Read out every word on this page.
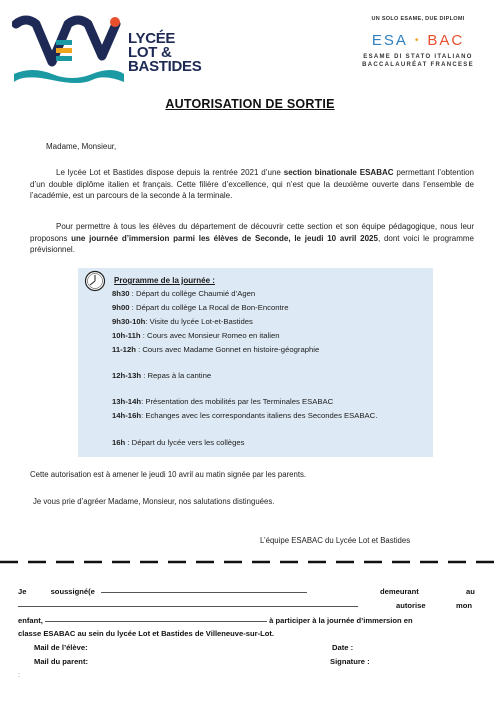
LYCÉE
LOT &
BASTIDES
UN SOLO ESAME, DUE DIPLOMI
ESA • BAC
ESAME DI STATO ITALIANO
BACCALAURÉAT FRANCESE
AUTORISATION DE SORTIE
Madame, Monsieur,
Le lycée Lot et Bastides dispose depuis la rentrée 2021 d’une section binationale ESABAC permettant l’obtention d’un double diplôme italien et français. Cette filière d’excellence, qui n’est que la deuxième ouverte dans l’ensemble de l’académie, est un parcours de la seconde à la terminale.
Pour permettre à tous les élèves du département de découvrir cette section et son équipe pédagogique, nous leur proposons une journée d’immersion parmi les élèves de Seconde, le jeudi 10 avril 2025, dont voici le programme prévisionnel.
Programme de la journée :
8h30 : Départ du collège Chaumié d’Agen
9h00 : Départ du collège La Rocal de Bon-Encontre
9h30-10h: Visite du lycée Lot-et-Bastides
10h-11h : Cours avec Monsieur Romeo en italien
11-12h : Cours avec Madame Gonnet en histoire-géographie
12h-13h : Repas à la cantine
13h-14h: Présentation des mobilités par les Terminales ESABAC
14h-16h: Echanges avec les correspondants italiens des Secondes ESABAC.
16h : Départ du lycée vers les collèges
Cette autorisation est à amener le jeudi 10 avril au matin signée par les parents.
Je vous prie d’agréer Madame, Monsieur, nos salutations distinguées.
L’équipe ESABAC du Lycée Lot et Bastides
Je	soussigné(e	demeurant	au
autorise	mon
enfant,	à participer à la journée d’immersion en
classe ESABAC au sein du lycée Lot et Bastides de Villeneuve-sur-Lot.
Mail de l’élève:	Date :
Mail du parent:	Signature :
:
